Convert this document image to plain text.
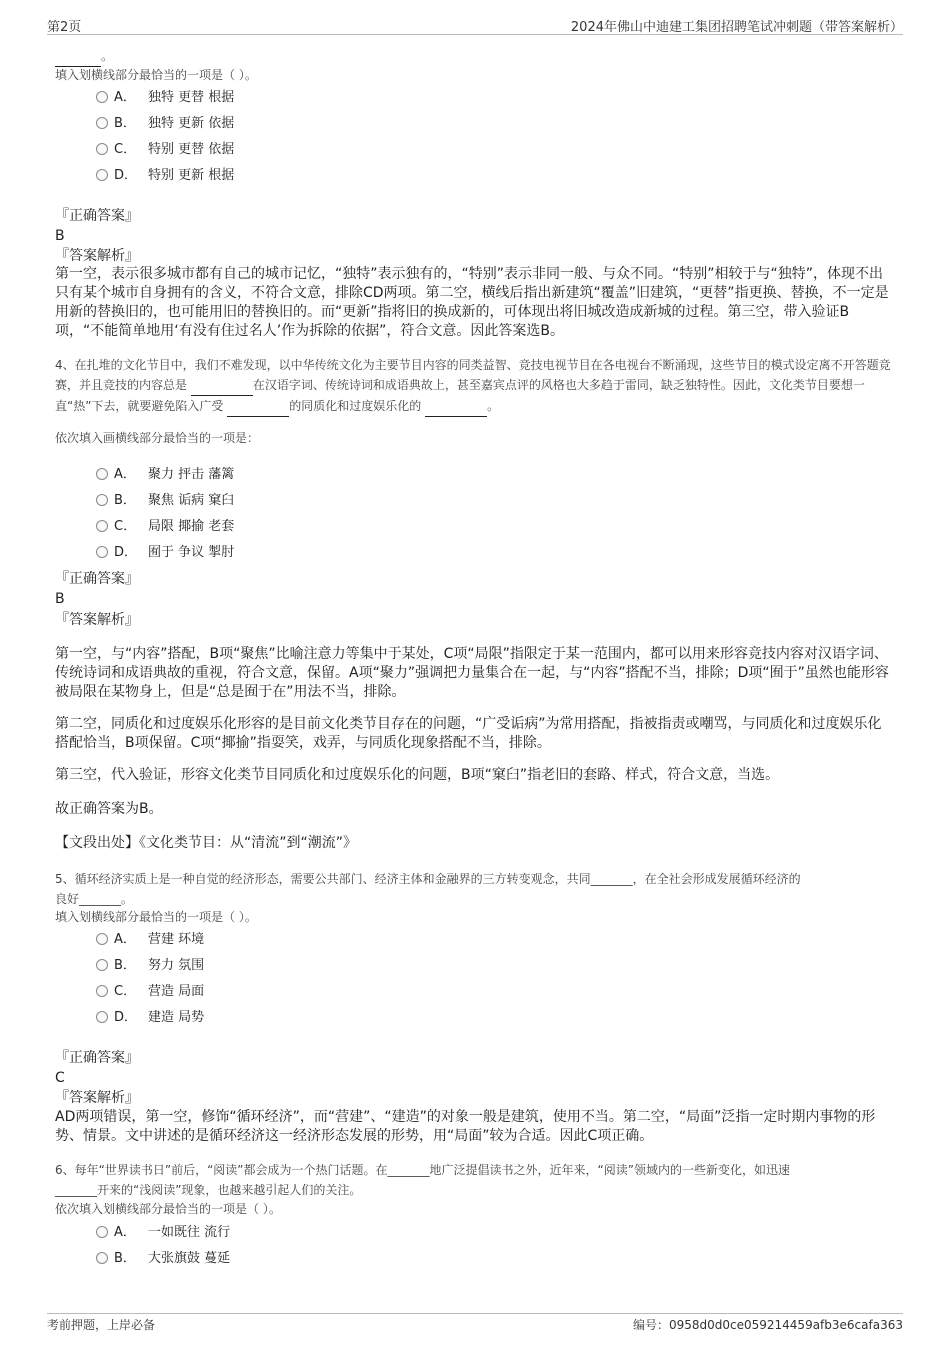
第2页	2024年佛山中迪建工集团招聘笔试冲刺题（带答案解析）
。
填入划横线部分最恰当的一项是（ ）。
A． 独特 更替 根据
B． 独特 更新 依据
C． 特别 更替 依据
D． 特别 更新 根据
『正确答案』
B
『答案解析』
第一空，表示很多城市都有自己的城市记忆，“独特”表示独有的，“特别”表示非同一般、与众不同。“特别”相较于与“独特”，体现不出只有某个城市自身拥有的含义，不符合文意，排除CD两项。第二空，横线后指出新建筑“覆盖”旧建筑，“更替”指更换、替换，不一定是用新的替换旧的，也可能用旧的替换旧的。而“更新”指将旧的换成新的，可体现出将旧城改造成新城的过程。第三空，带入验证B项，“不能简单地用‘有没有住过名人’作为拆除的依据”，符合文意。因此答案选B。
4、在扎堆的文化节目中，我们不难发现，以中华传统文化为主要节目内容的同类益智、竞技电视节目在各电视台不断涌现，这些节目的模式设定离不开答题竞赛，并且竞技的内容总是	在汉语字词、传统诗词和成语典故上，甚至嘉宾点评的风格也大多趋于雷同，缺乏独特性。因此，文化类节目要想一直“热”下去，就要避免陷入广受	的同质化和过度娱乐化的	。
依次填入画横线部分最恰当的一项是：
A． 聚力 抨击 藩篱
B． 聚焦 诟病 窠臼
C． 局限 揶揄 老套
D． 囿于 争议 掣肘
『正确答案』
B
『答案解析』
第一空，与“内容”搭配，B项“聚焦”比喻注意力等集中于某处，C项“局限”指限定于某一范围内，都可以用来形容竞技内容对汉语字词、传统诗词和成语典故的重视，符合文意，保留。A项“聚力”强调把力量集合在一起，与“内容”搭配不当，排除；D项“囿于”虽然也能形容被局限在某物身上，但是“总是囿于在”用法不当，排除。
第二空，同质化和过度娱乐化形容的是目前文化类节目存在的问题，“广受诟病”为常用搭配，指被指责或嘲骂，与同质化和过度娱乐化搭配恰当，B项保留。C项“揶揄”指耍笑，戏弄，与同质化现象搭配不当，排除。
第三空，代入验证，形容文化类节目同质化和过度娱乐化的问题，B项“窠臼”指老旧的套路、样式，符合文意，当选。
故正确答案为B。
【文段出处】《文化类节目：从“清流”到“潮流”》
5、循环经济实质上是一种自觉的经济形态，需要公共部门、经济主体和金融界的三方转变观念，共同_______，在全社会形成发展循环经济的
良好_______。
填入划横线部分最恰当的一项是（ ）。
A． 营建 环境
B． 努力 氛围
C． 营造 局面
D． 建造 局势
『正确答案』
C
『答案解析』
AD两项错误，第一空，修饰“循环经济”，而“营建”、“建造”的对象一般是建筑，使用不当。第二空，“局面”泛指一定时期内事物的形势、情景。文中讲述的是循环经济这一经济形态发展的形势，用“局面”较为合适。因此C项正确。
6、每年“世界读书日”前后，“阅读”都会成为一个热门话题。在_______地广泛提倡读书之外，近年来，“阅读”领域内的一些新变化，如迅速
_______开来的“浅阅读”现象，也越来越引起人们的关注。
依次填入划横线部分最恰当的一项是（ ）。
A． 一如既往 流行
B． 大张旗鼓 蔓延
考前押题，上岸必备	编号：0958d0d0ce059214459afb3e6cafa363
